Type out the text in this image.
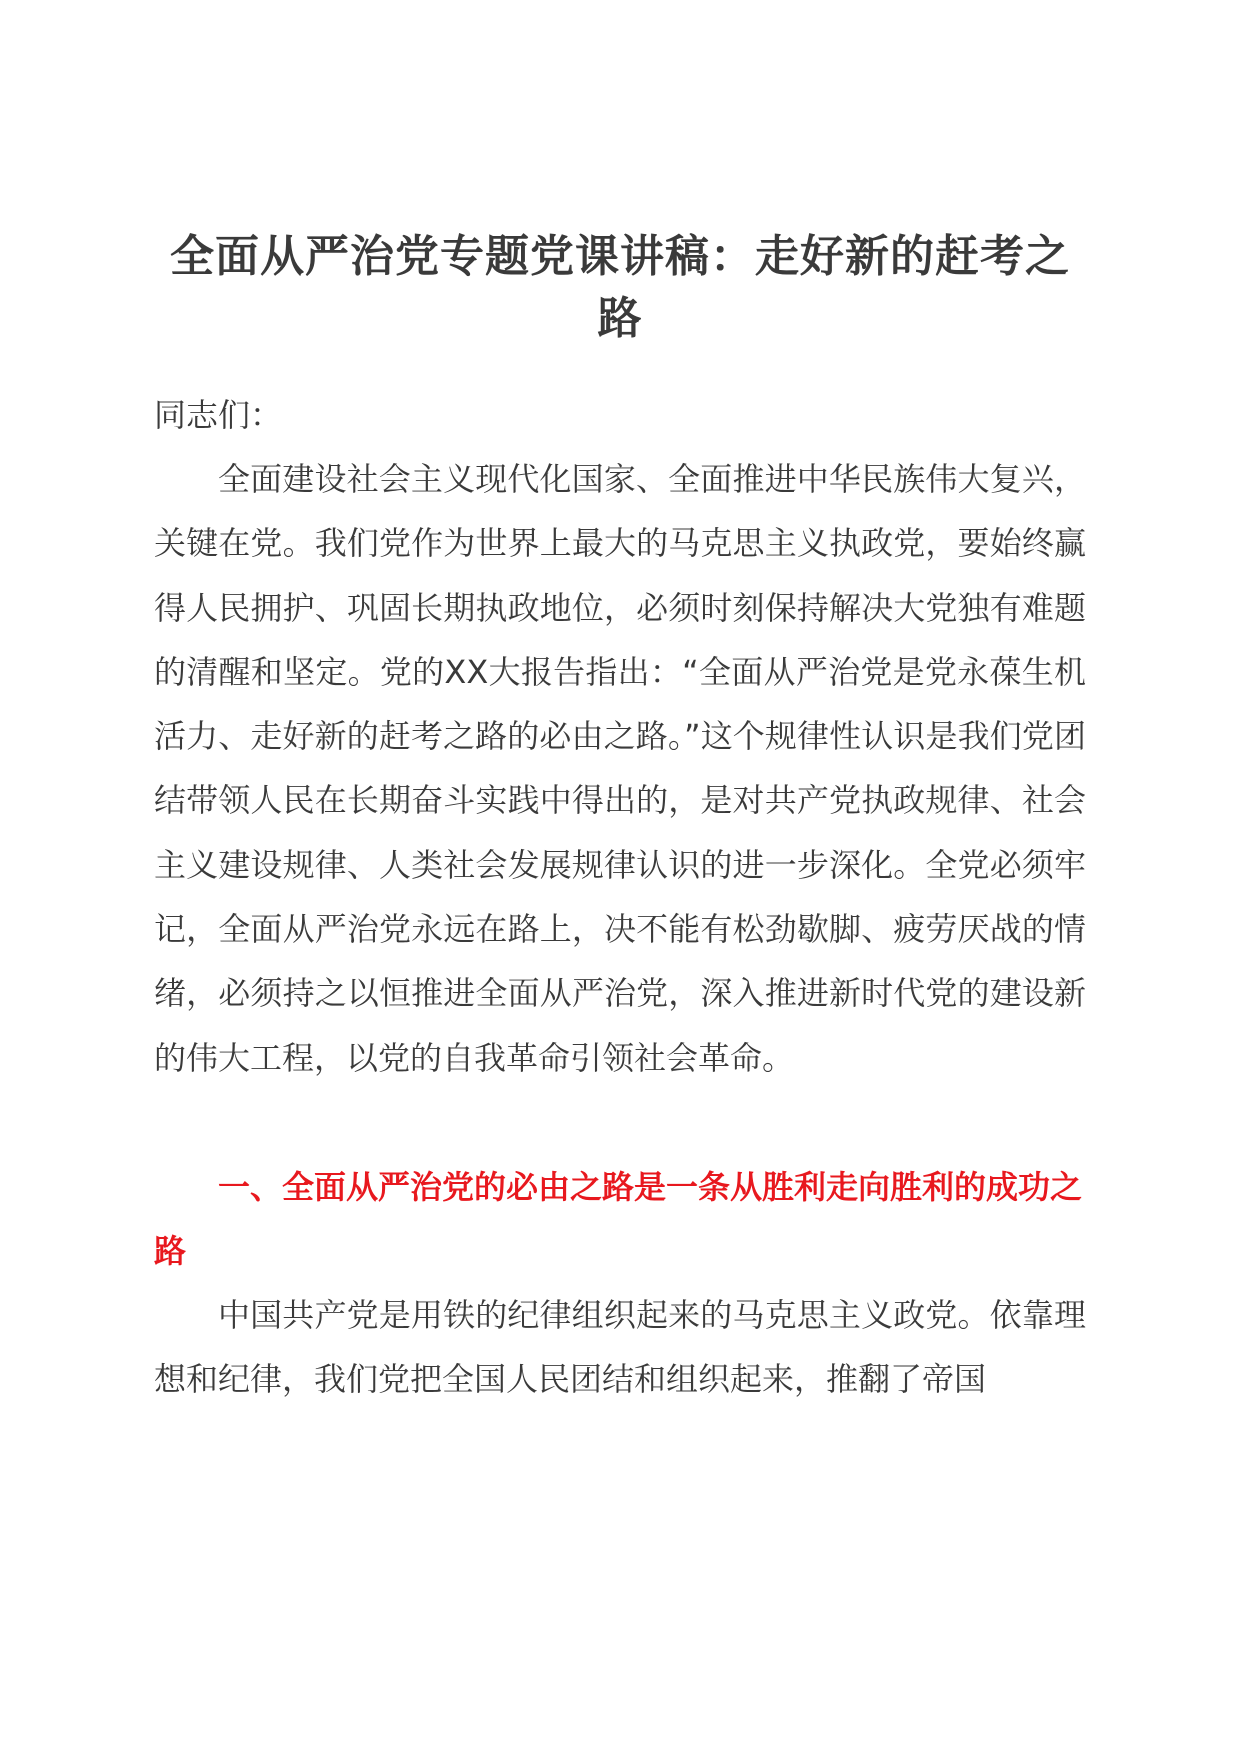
全面从严治党专题党课讲稿：走好新的赶考之路

同志们：

全面建设社会主义现代化国家、全面推进中华民族伟大复兴，关键在党。我们党作为世界上最大的马克思主义执政党，要始终赢得人民拥护、巩固长期执政地位，必须时刻保持解决大党独有难题的清醒和坚定。党的XX大报告指出：“全面从严治党是党永葆生机活力、走好新的赶考之路的必由之路。”这个规律性认识是我们党团结带领人民在长期奋斗实践中得出的，是对共产党执政规律、社会主义建设规律、人类社会发展规律认识的进一步深化。全党必须牢记，全面从严治党永远在路上，决不能有松劲歇脚、疲劳厌战的情绪，必须持之以恒推进全面从严治党，深入推进新时代党的建设新的伟大工程，以党的自我革命引领社会革命。

一、全面从严治党的必由之路是一条从胜利走向胜利的成功之路

中国共产党是用铁的纪律组织起来的马克思主义政党。依靠理想和纪律，我们党把全国人民团结和组织起来，推翻了帝国
